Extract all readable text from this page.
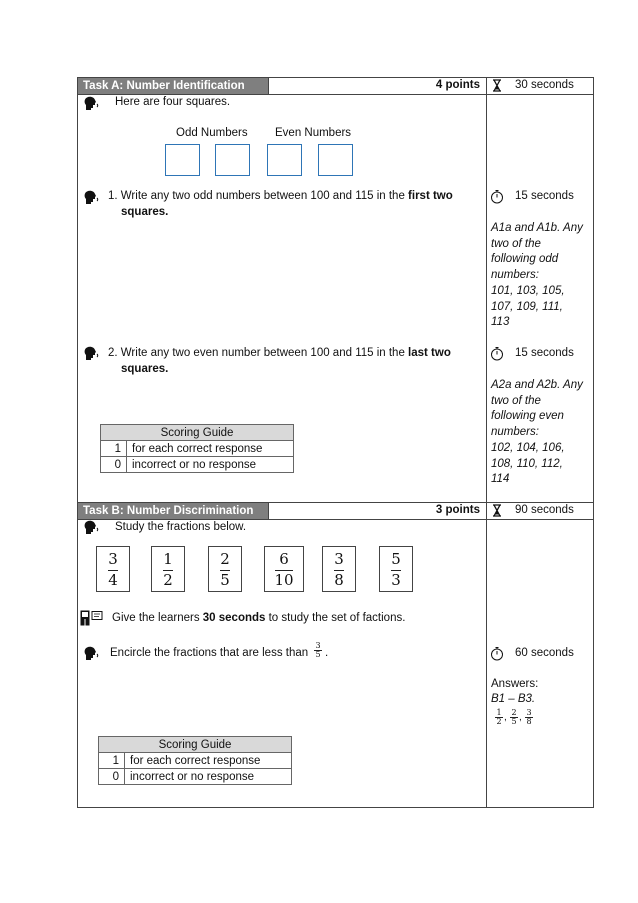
Task A: Number Identification	4 points	30 seconds
Here are four squares.
Odd Numbers Even Numbers
1. Write any two odd numbers between 100 and 115 in the first two
squares.
15 seconds
A1a and A1b. Any
two of the
following odd
numbers:
101, 103, 105,
107, 109, 111,
113
2. Write any two even number between 100 and 115 in the last two
squares.
15 seconds
A2a and A2b. Any
two of the
following even
numbers:
102, 104, 106,
108, 110, 112,
114
Scoring Guide	
1	for each correct response
0	incorrect or no response
Task B: Number Discrimination	3 points	90 seconds
Study the fractions below.
3
4
1
2
2
5
6
10
3
8
5
3
Give the learners 30 seconds to study the set of factions.
Encircle the fractions that are less than
3
5 .	60 seconds
Answers:
B1 – B3.
1
2 , 2
5 , 3
8
Scoring Guide	
1	for each correct response
0	incorrect or no response
